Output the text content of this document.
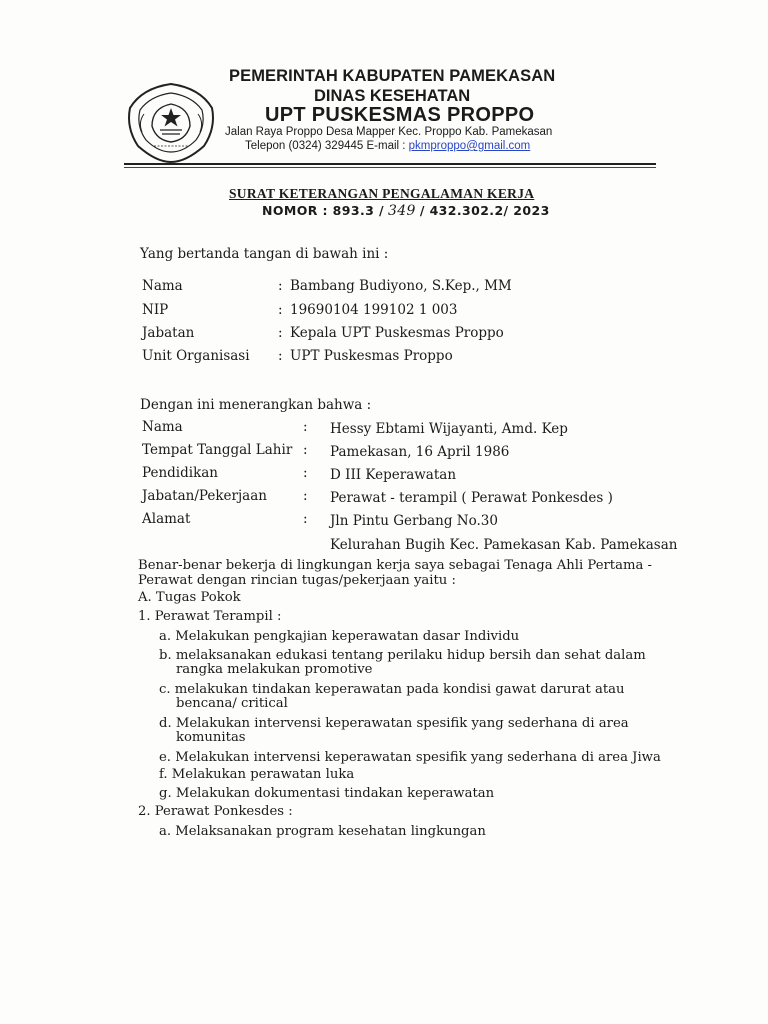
PEMERINTAH KABUPATEN PAMEKASAN
DINAS KESEHATAN
UPT PUSKESMAS PROPPO
Jalan Raya Proppo Desa Mapper Kec. Proppo Kab. Pamekasan
Telepon (0324) 329445 E-mail : pkmproppo@gmail.com
SURAT KETERANGAN PENGALAMAN KERJA
NOMOR : 893.3 / 349 / 432.302.2/ 2023
Yang bertanda tangan di bawah ini :
Nama	: Bambang Budiyono, S.Kep., MM
NIP	: 19690104 199102 1 003
Jabatan	: Kepala UPT Puskesmas Proppo
Unit Organisasi : UPT Puskesmas Proppo
Dengan ini menerangkan bahwa :
Nama	: Hessy Ebtami Wijayanti, Amd. Kep
Tempat Tanggal Lahir : Pamekasan, 16 April 1986
Pendidikan	: D III Keperawatan
Jabatan/Pekerjaan	: Perawat - terampil ( Perawat Ponkesdes )
Alamat	: Jln Pintu Gerbang No.30
Kelurahan Bugih Kec. Pamekasan Kab. Pamekasan
Benar-benar bekerja di lingkungan kerja saya sebagai Tenaga Ahli Pertama -
Perawat dengan rincian tugas/pekerjaan yaitu :
A. Tugas Pokok
1. Perawat Terampil :
a. Melakukan pengkajian keperawatan dasar Individu
b. melaksanakan edukasi tentang perilaku hidup bersih dan sehat dalam
rangka melakukan promotive
c. melakukan tindakan keperawatan pada kondisi gawat darurat atau
bencana/ critical
d. Melakukan intervensi keperawatan spesifik yang sederhana di area
komunitas
e. Melakukan intervensi keperawatan spesifik yang sederhana di area Jiwa
f. Melakukan perawatan luka
g. Melakukan dokumentasi tindakan keperawatan
2. Perawat Ponkesdes :
a. Melaksanakan program kesehatan lingkungan
